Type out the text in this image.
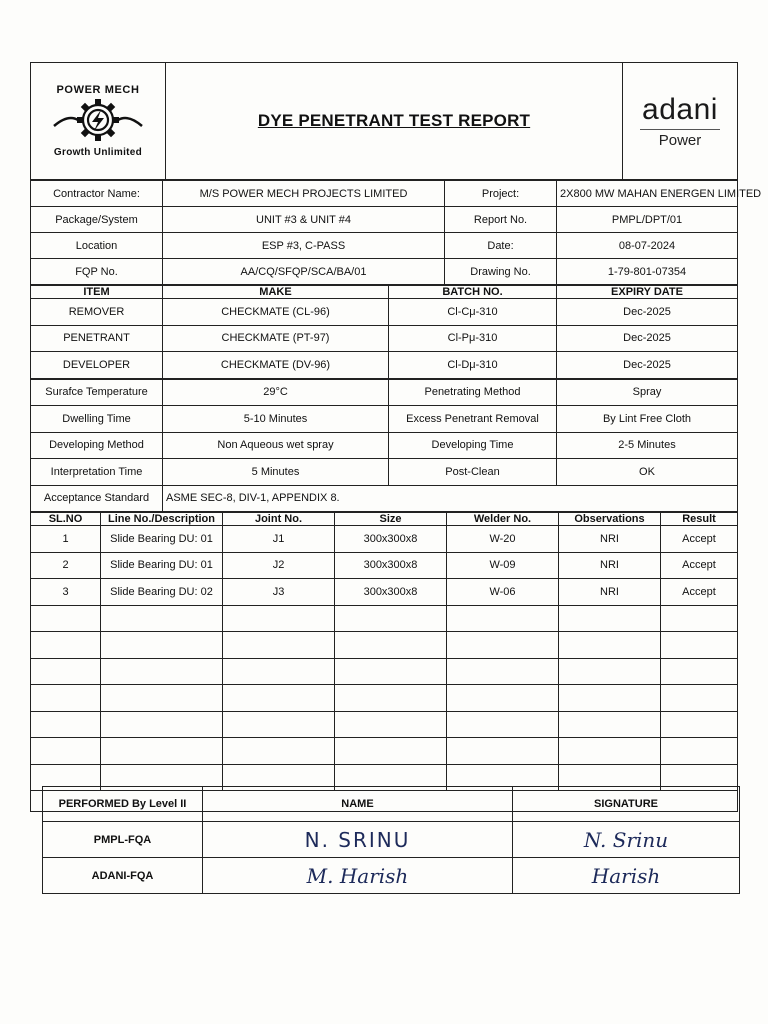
POWER MECH
Growth Unlimited
	DYE PENETRANT TEST REPORT	adani
Power
Contractor Name:	M/S POWER MECH PROJECTS LIMITED	Project:	2X800 MW MAHAN ENERGEN LIMITED
Package/System	UNIT #3 & UNIT #4	Report No.	PMPL/DPT/01
Location	ESP #3, C-PASS	Date:	08-07-2024
FQP No.	AA/CQ/SFQP/SCA/BA/01	Drawing No.	1-79-801-07354
ITEM	MAKE	BATCH NO.	EXPIRY DATE
REMOVER	CHECKMATE (CL-96)	Cl-Cμ-310	Dec-2025
PENETRANT	CHECKMATE (PT-97)	Cl-Pμ-310	Dec-2025
DEVELOPER	CHECKMATE (DV-96)	Cl-Dμ-310	Dec-2025
Surafce Temperature	29°C	Penetrating Method	Spray
Dwelling Time	5-10 Minutes	Excess Penetrant Removal	By Lint Free Cloth
Developing Method	Non Aqueous wet spray	Developing Time	2-5 Minutes
Interpretation Time	5 Minutes	Post-Clean	OK
Acceptance Standard	ASME SEC-8, DIV-1, APPENDIX 8.		
SL.NO	Line No./Description	Joint No.	Size	Welder No.	Observations	Result
1	Slide Bearing DU: 01	J1	300x300x8	W-20	NRI	Accept
2	Slide Bearing DU: 01	J2	300x300x8	W-09	NRI	Accept
3	Slide Bearing DU: 02	J3	300x300x8	W-06	NRI	Accept

PERFORMED By Level II	NAME	SIGNATURE
PMPL-FQA	N. SRINU	N. Srinu
ADANI-FQA	M. Harish	Harish
